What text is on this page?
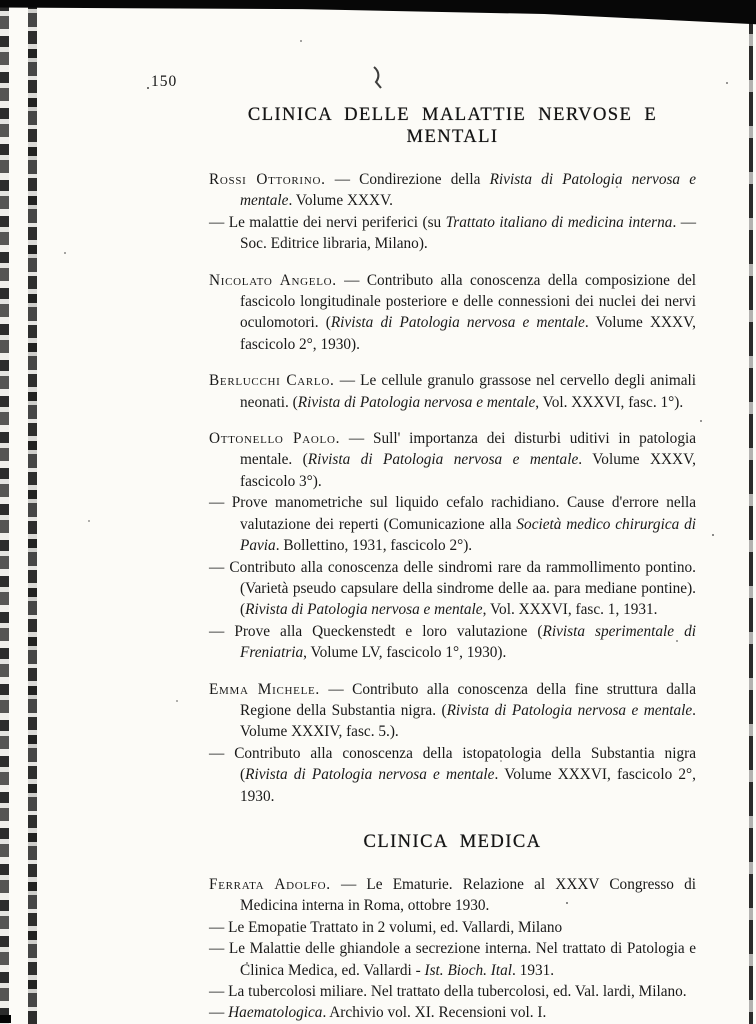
150
CLINICA DELLE MALATTIE NERVOSE E MENTALI

Rossi Ottorino. — Condirezione della Rivista di Patologia nervosa e mentale. Volume XXXV.

— Le malattie dei nervi periferici (su Trattato italiano di medicina interna. — Soc. Editrice libraria, Milano).

Nicolato Angelo. — Contributo alla conoscenza della composizione del fascicolo longitudinale posteriore e delle connessioni dei nuclei dei nervi oculomotori. (Rivista di Patologia nervosa e mentale. Volume XXXV, fascicolo 2°, 1930).

Berlucchi Carlo. — Le cellule granulo grassose nel cervello degli animali neonati. (Rivista di Patologia nervosa e mentale, Vol. XXXVI, fasc. 1°).

Ottonello Paolo. — Sull' importanza dei disturbi uditivi in patologia mentale. (Rivista di Patologia nervosa e mentale. Volume XXXV, fascicolo 3°).

— Prove manometriche sul liquido cefalo rachidiano. Cause d'errore nella valutazione dei reperti (Comunicazione alla Società medico chirurgica di Pavia. Bollettino, 1931, fascicolo 2°).

— Contributo alla conoscenza delle sindromi rare da rammollimento pontino. (Varietà pseudo capsulare della sindrome delle aa. para mediane pontine). (Rivista di Patologia nervosa e mentale, Vol. XXXVI, fasc. 1, 1931.

— Prove alla Queckenstedt e loro valutazione (Rivista sperimentale di Freniatria, Volume LV, fascicolo 1°, 1930).

Emma Michele. — Contributo alla conoscenza della fine struttura dalla Regione della Substantia nigra. (Rivista di Patologia nervosa e mentale. Volume XXXIV, fasc. 5.).

— Contributo alla conoscenza della istopatologia della Substantia nigra (Rivista di Patologia nervosa e mentale. Volume XXXVI, fascicolo 2°, 1930.

CLINICA MEDICA

Ferrata Adolfo. — Le Ematurie. Relazione al XXXV Congresso di Medicina interna in Roma, ottobre 1930.

— Le Emopatie Trattato in 2 volumi, ed. Vallardi, Milano

— Le Malattie delle ghiandole a secrezione interna. Nel trattato di Patologia e Clinica Medica, ed. Vallardi - Ist. Bioch. Ital. 1931.

— La tubercolosi miliare. Nel trattato della tubercolosi, ed. Val. lardi, Milano.

— Haematologica. Archivio vol. XI. Recensioni vol. I.
